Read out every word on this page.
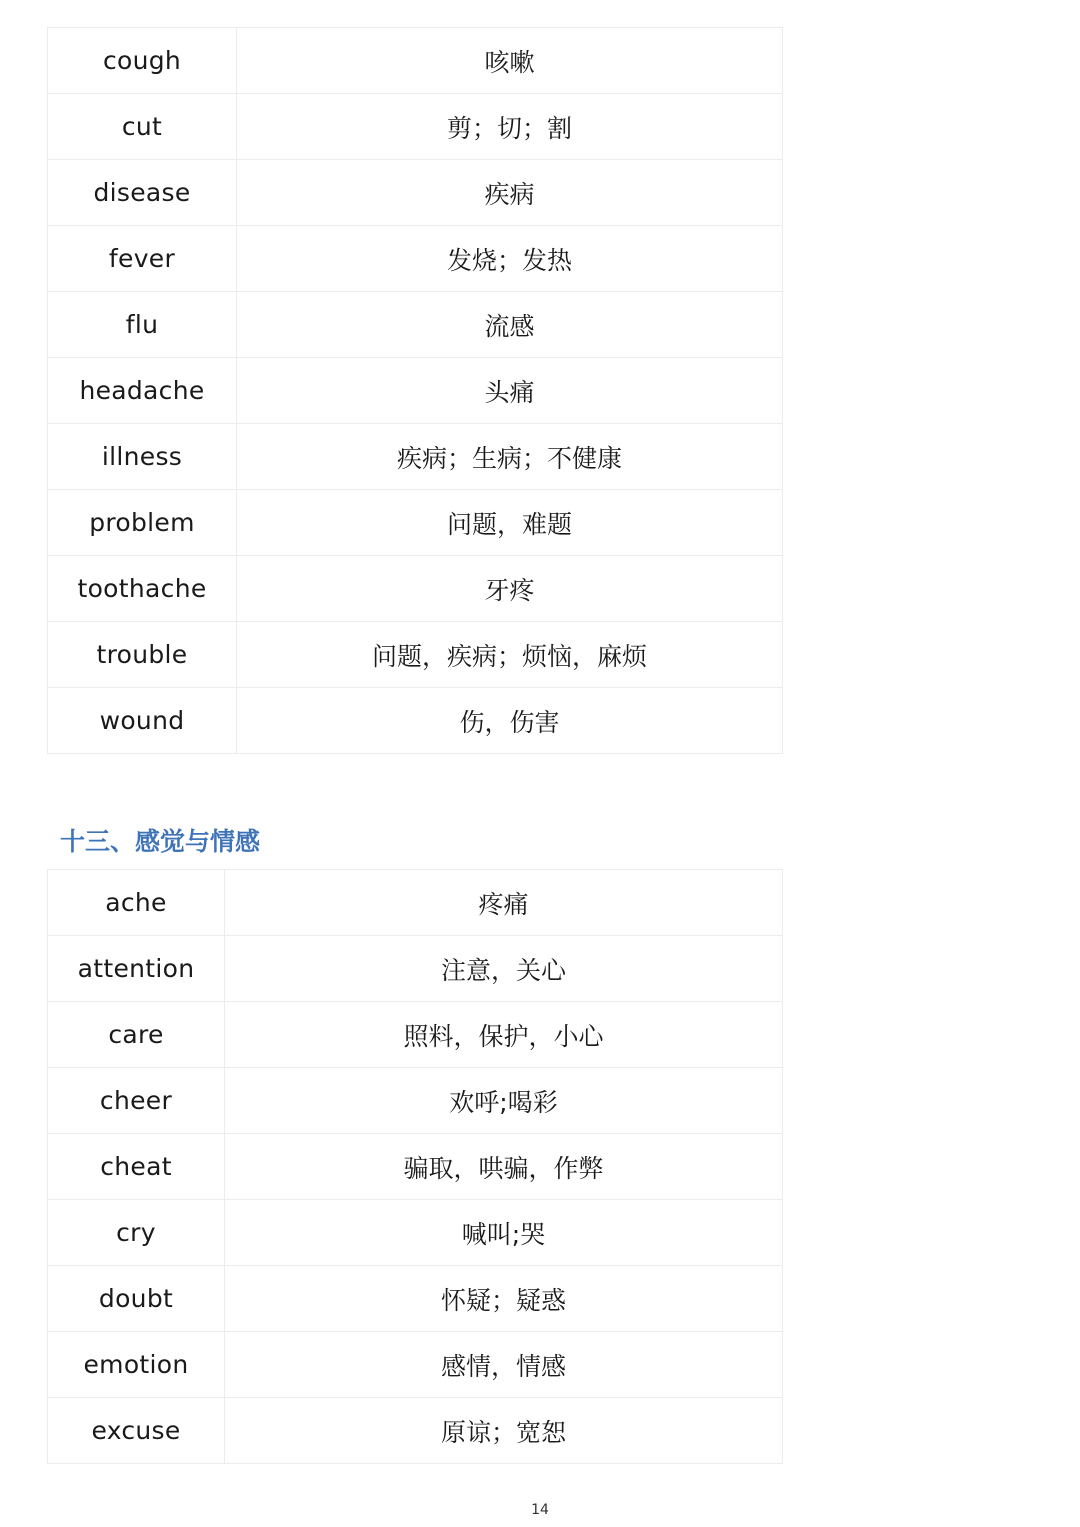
cough	咳嗽
cut	剪；切；割
disease	疾病
fever	发烧；发热
flu	流感
headache	头痛
illness	疾病；生病；不健康
problem	问题，难题
toothache	牙疼
trouble	问题，疾病；烦恼，麻烦
wound	伤，伤害
十三、感觉与情感
ache	疼痛
attention	注意，关心
care	照料，保护，小心
cheer	欢呼;喝彩
cheat	骗取，哄骗，作弊
cry	喊叫;哭
doubt	怀疑；疑惑
emotion	感情，情感
excuse	原谅；宽恕
14
